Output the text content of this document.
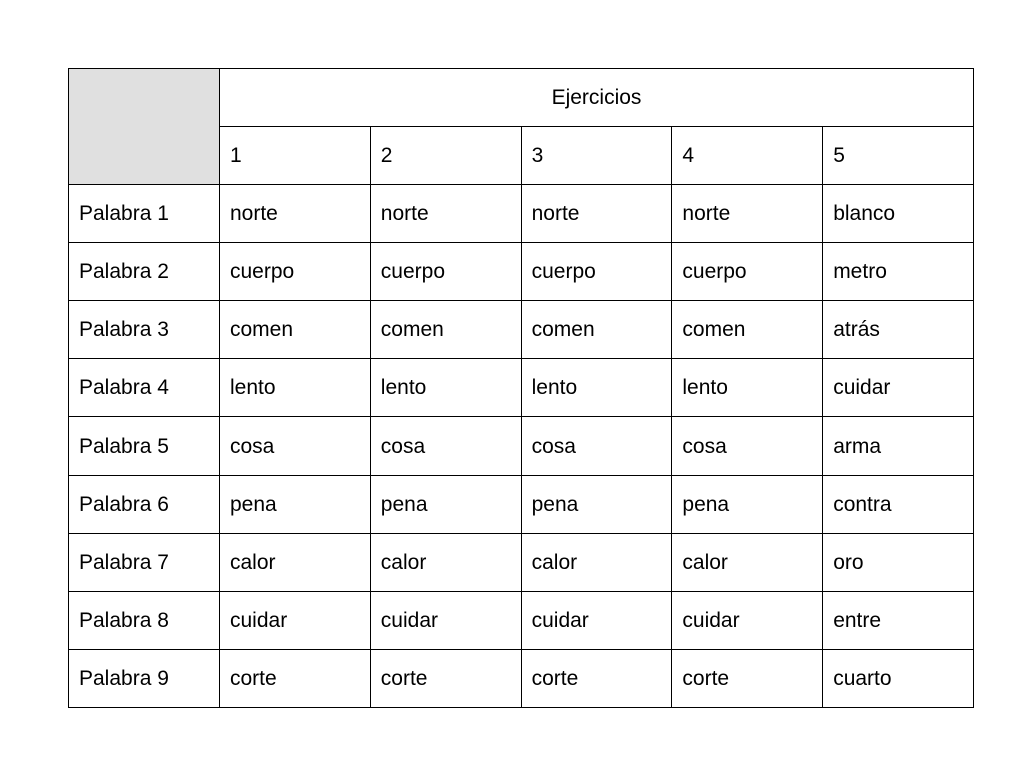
	Ejercicios				
	1	2	3	4	5
Palabra 1	norte	norte	norte	norte	blanco
Palabra 2	cuerpo	cuerpo	cuerpo	cuerpo	metro
Palabra 3	comen	comen	comen	comen	atrás
Palabra 4	lento	lento	lento	lento	cuidar
Palabra 5	cosa	cosa	cosa	cosa	arma
Palabra 6	pena	pena	pena	pena	contra
Palabra 7	calor	calor	calor	calor	oro
Palabra 8	cuidar	cuidar	cuidar	cuidar	entre
Palabra 9	corte	corte	corte	corte	cuarto
